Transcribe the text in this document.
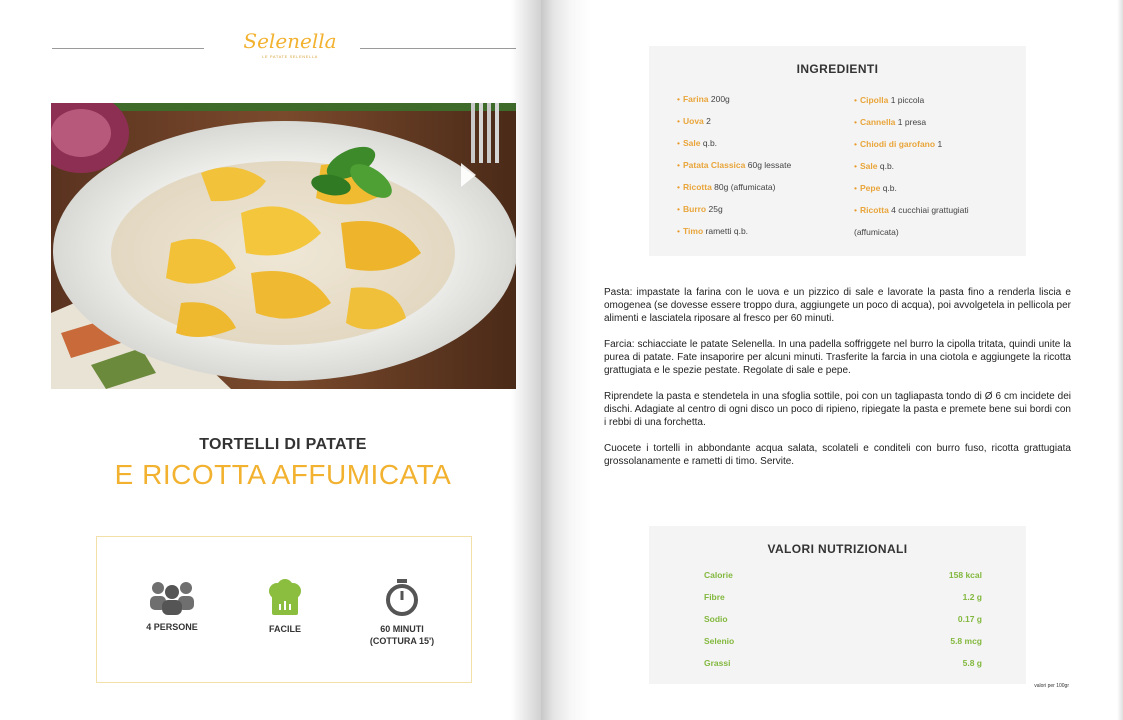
Selenella
LE PATATE SELENELLA
TORTELLI DI PATATE
E RICOTTA AFFUMICATA
4 PERSONE	FACILE	60 MINUTI
(COTTURA 15')
INGREDIENTI
• Farina 200g
• Uova 2
• Sale q.b.
• Patata Classica 60g lessate
• Ricotta 80g (affumicata)
• Burro 25g
• Timo rametti q.b.
• Cipolla 1 piccola
• Cannella 1 presa
• Chiodi di garofano 1
• Sale q.b.
• Pepe q.b.
• Ricotta 4 cucchiai grattugiati
(affumicata)

Pasta: impastate la farina con le uova e un pizzico di sale e lavorate la pasta fino a renderla liscia e omogenea (se dovesse essere troppo dura, aggiungete un poco di acqua), poi avvolgetela in pellicola per alimenti e lasciatela riposare al fresco per 60 minuti.

Farcia: schiacciate le patate Selenella. In una padella soffriggete nel burro la cipolla tritata, quindi unite la purea di patate. Fate insaporire per alcuni minuti. Trasferite la farcia in una ciotola e aggiungete la ricotta grattugiata e le spezie pestate. Regolate di sale e pepe.

Riprendete la pasta e stendetela in una sfoglia sottile, poi con un tagliapasta tondo di Ø 6 cm incidete dei dischi. Adagiate al centro di ogni disco un poco di ripieno, ripiegate la pasta e premete bene sui bordi con i rebbi di una forchetta.

Cuocete i tortelli in abbondante acqua salata, scolateli e conditeli con burro fuso, ricotta grattugiata grossolanamente e rametti di timo. Servite.

VALORI NUTRIZIONALI
Calorie	158 kcal
Fibre	1.2 g
Sodio	0.17 g
Selenio	5.8 mcg
Grassi	5.8 g
valori per 100gr
